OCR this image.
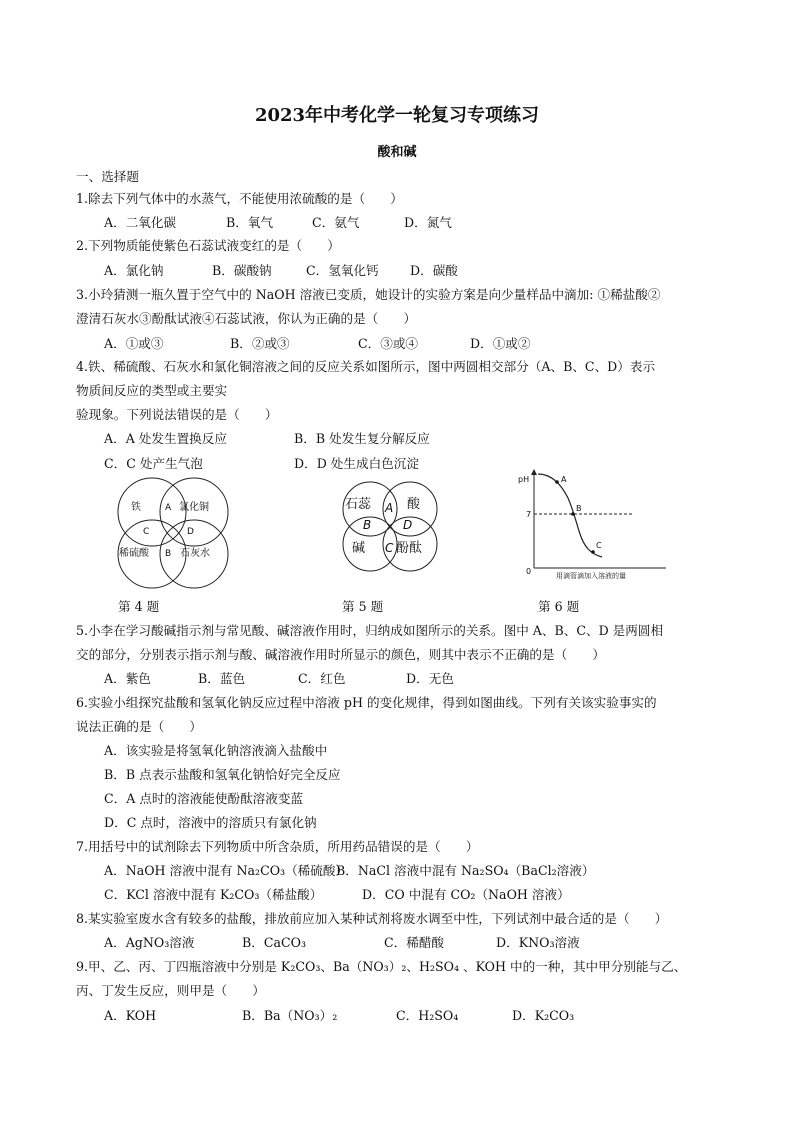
2023年中考化学一轮复习专项练习
酸和碱
一、选择题
1.除去下列气体中的水蒸气，不能使用浓硫酸的是（　　）
A．二氧化碳	B．氧气	C．氨气	D．氮气
2.下列物质能使紫色石蕊试液变红的是（　　）
A．氯化钠	B．碳酸钠	C．氢氧化钙 D．碳酸
3.小玲猜测一瓶久置于空气中的 NaOH 溶液已变质，她设计的实验方案是向少量样品中滴加: ①稀盐酸②
澄清石灰水③酚酞试液④石蕊试液，你认为正确的是（　　）
A．①或③	B．②或③	C．③或④	D．①或②
4.铁、稀硫酸、石灰水和氯化铜溶液之间的反应关系如图所示，图中两圆相交部分（A、B、C、D）表示
物质间反应的类型或主要实
验现象。下列说法错误的是（　　）
A．A 处发生置换反应	B．B 处发生复分解反应
C．C 处产生气泡	D．D 处生成白色沉淀
铁	氯化铜
稀硫酸	石灰水
A
C	D
B
石蕊	酸
碱 酚酞
A
B	D
C
pH
7
0
A
B
C
用滴管滴加入溶液的量
第 4 题	第 5 题	第 6 题
5.小李在学习酸碱指示剂与常见酸、碱溶液作用时，归纳成如图所示的关系。图中 A、B、C、D 是两圆相
交的部分，分别表示指示剂与酸、碱溶液作用时所显示的颜色，则其中表示不正确的是（　　）
A．紫色	B．蓝色	C．红色	D．无色
6.实验小组探究盐酸和氢氧化钠反应过程中溶液 pH 的变化规律，得到如图曲线。下列有关该实验事实的
说法正确的是（　　）
A．该实验是将氢氧化钠溶液滴入盐酸中
B．B 点表示盐酸和氢氧化钠恰好完全反应
C．A 点时的溶液能使酚酞溶液变蓝
D．C 点时，溶液中的溶质只有氯化钠
7.用括号中的试剂除去下列物质中所含杂质，所用药品错误的是（　　）
A．NaOH 溶液中混有 Na₂CO₃（稀硫酸）
B．NaCl 溶液中混有 Na₂SO₄（BaCl₂溶液）
C．KCl 溶液中混有 K₂CO₃（稀盐酸）	D．CO 中混有 CO₂（NaOH 溶液）
8.某实验室废水含有较多的盐酸，排放前应加入某种试剂将废水调至中性，下列试剂中最合适的是（　　）
A．AgNO₃溶液	B．CaCO₃	C．稀醋酸	D．KNO₃溶液
9.甲、乙、丙、丁四瓶溶液中分别是 K₂CO₃、Ba（NO₃）₂、H₂SO₄ 、KOH 中的一种，其中甲分别能与乙、
丙、丁发生反应，则甲是（　　）
A．KOH	B．Ba（NO₃）₂	C．H₂SO₄	D．K₂CO₃
